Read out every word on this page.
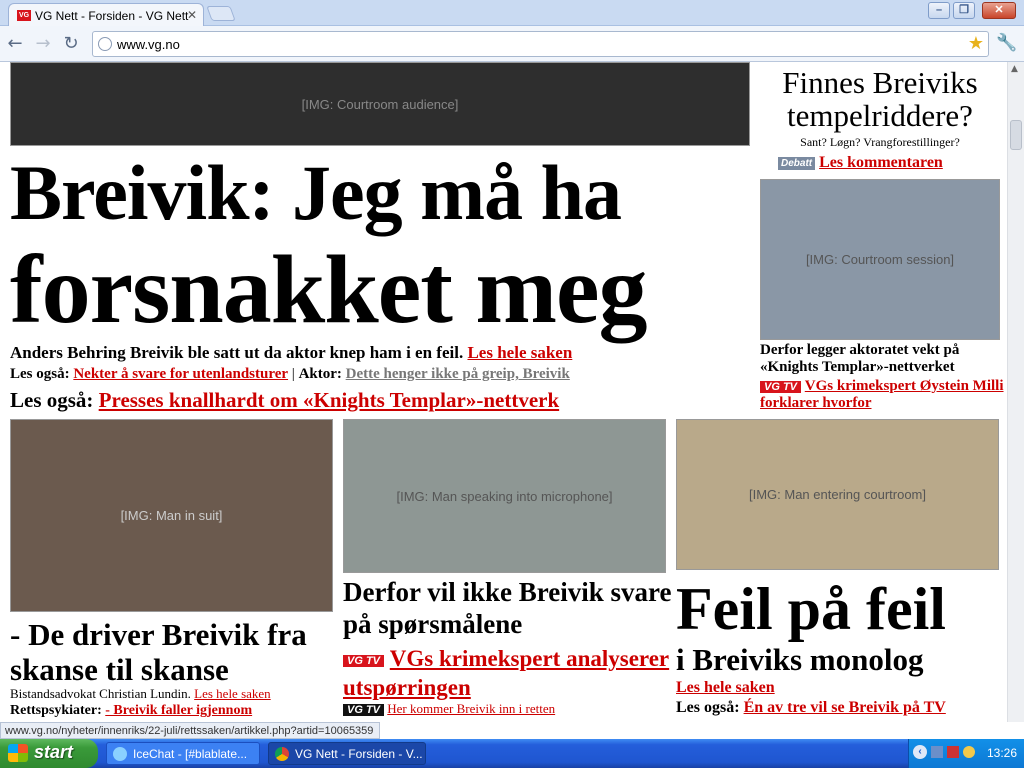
VG VG Nett - Forsiden - VG Nett
✕	–	❐	✕
← → ↻	www.vg.no	★ 🔧
[IMG: Courtroom audience]
Breivik: Jeg må ha
forsnakket meg
Anders Behring Breivik ble satt ut da aktor knep ham i en feil. Les hele saken
Les også: Nekter å svare for utenlandsturer | Aktor: Dette henger ikke på greip, Breivik
Les også: Presses knallhardt om «Knights Templar»-nettverk
Finnes Breiviks tempelriddere?
Sant? Løgn? Vrangforestillinger?
Debatt Les kommentaren
[IMG: Courtroom session]
Derfor legger aktoratet vekt på «Knights Templar»-nettverket
VG TV VGs krimekspert Øystein Milli forklarer hvorfor
[IMG: Man in suit]
- De driver Breivik fra skanse til skanse
Bistandsadvokat Christian Lundin. Les hele saken
Rettspsykiater: - Breivik faller igjennom
[IMG: Man speaking into microphone]
Derfor vil ikke Breivik svare på spørsmålene
VG TV VGs krimekspert analyserer utspørringen
VG TV Her kommer Breivik inn i retten
[IMG: Man entering courtroom]
Feil på feil
i Breiviks monolog
Les hele saken
Les også: Én av tre vil se Breivik på TV
▲
www.vg.no/nyheter/innenriks/22-juli/rettssaken/artikkel.php?artid=10065359
start	IceChat - [#blablate...	VG Nett - Forsiden - V...	‹	13:26
